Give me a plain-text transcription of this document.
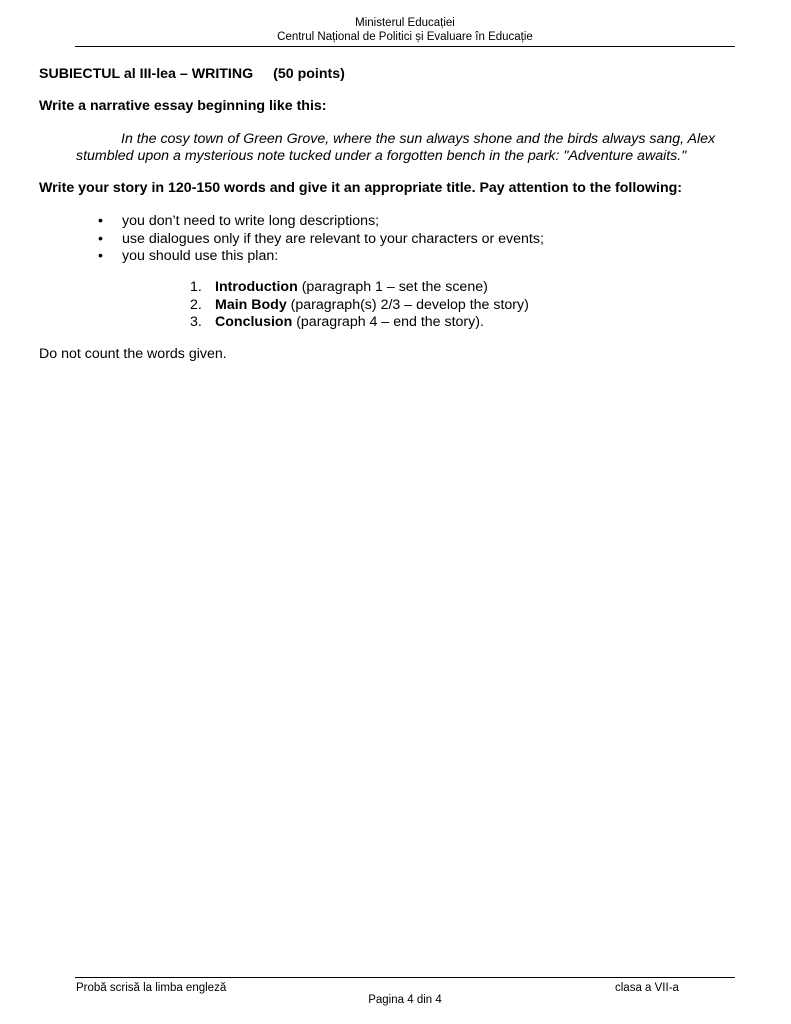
Ministerul Educației
Centrul Național de Politici și Evaluare în Educație
SUBIECTUL al III-lea – WRITING (50 points)
Write a narrative essay beginning like this:
In the cosy town of Green Grove, where the sun always shone and the birds always sang, Alex stumbled upon a mysterious note tucked under a forgotten bench in the park: "Adventure awaits."
Write your story in 120-150 words and give it an appropriate title. Pay attention to the following:
• you don’t need to write long descriptions;
• use dialogues only if they are relevant to your characters or events;
• you should use this plan:
1. Introduction (paragraph 1 – set the scene)
2. Main Body (paragraph(s) 2/3 – develop the story)
3. Conclusion (paragraph 4 – end the story).
Do not count the words given.
Probă scrisă la limba engleză	clasa a VII-a
Pagina 4 din 4
